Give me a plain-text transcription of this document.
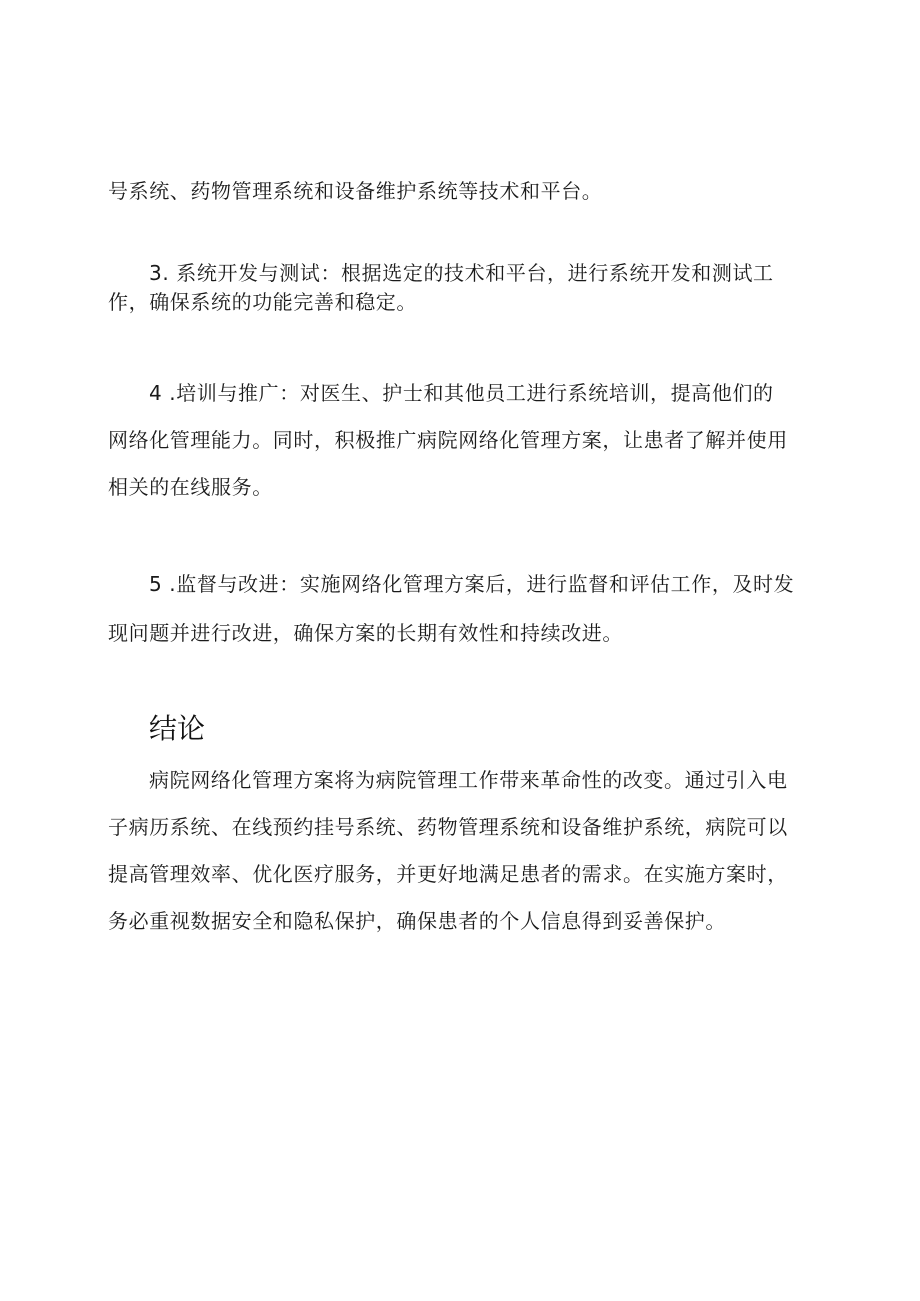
号系统、药物管理系统和设备维护系统等技术和平台。
3. 系统开发与测试：根据选定的技术和平台，进行系统开发和测试工
作，确保系统的功能完善和稳定。
4 .培训与推广：对医生、护士和其他员工进行系统培训，提高他们的
网络化管理能力。同时，积极推广病院网络化管理方案，让患者了解并使用
相关的在线服务。
5 .监督与改进：实施网络化管理方案后，进行监督和评估工作，及时发
现问题并进行改进，确保方案的长期有效性和持续改进。
结论
病院网络化管理方案将为病院管理工作带来革命性的改变。通过引入电
子病历系统、在线预约挂号系统、药物管理系统和设备维护系统，病院可以
提高管理效率、优化医疗服务，并更好地满足患者的需求。在实施方案时，
务必重视数据安全和隐私保护，确保患者的个人信息得到妥善保护。
